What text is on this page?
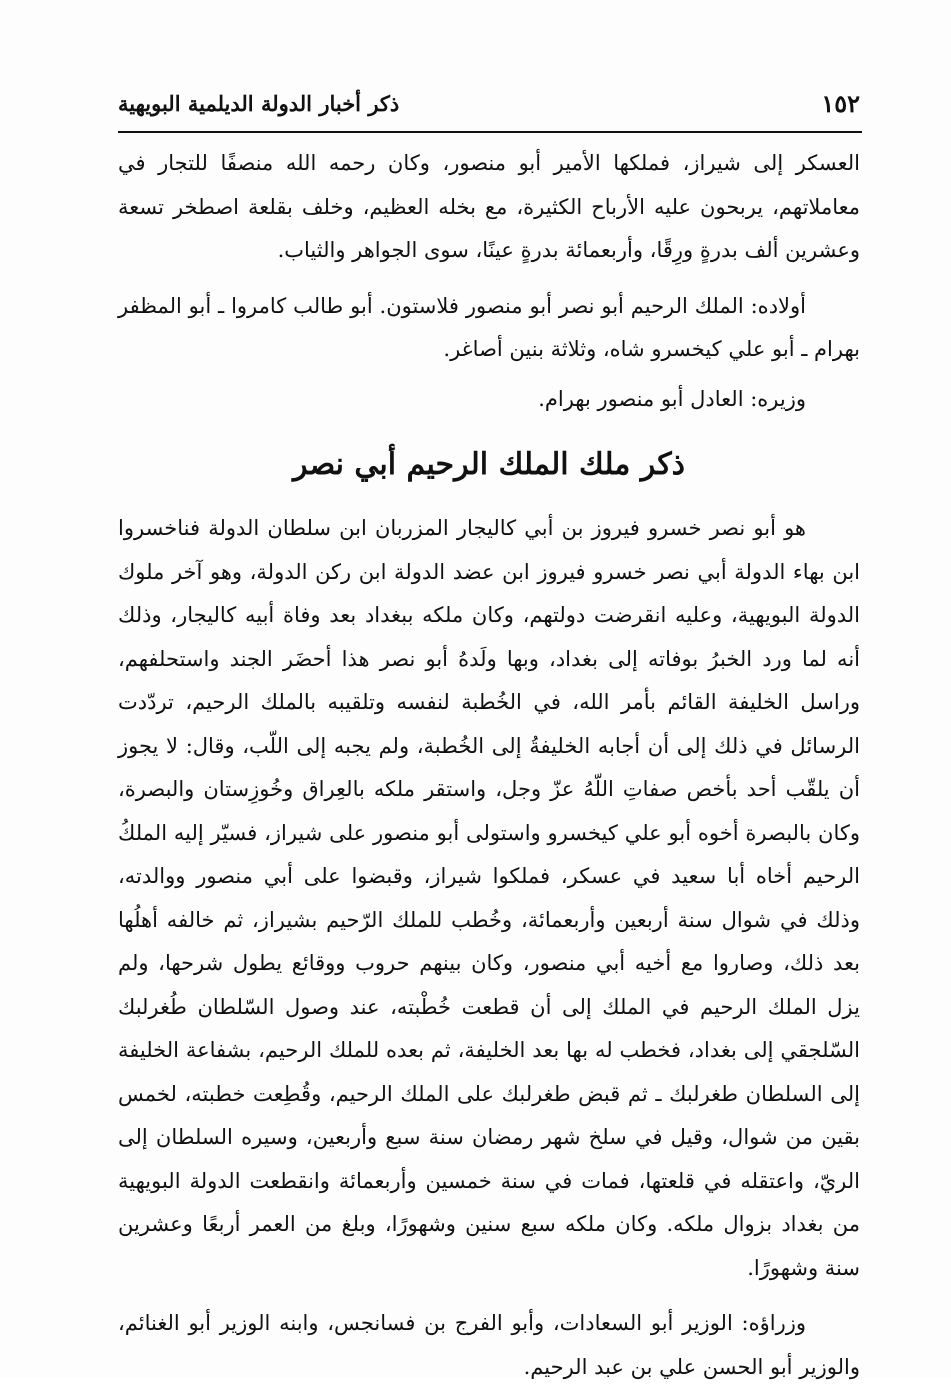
١٥٢
ذكر أخبار الدولة الديلمية البويهية

العسكر إلى شيراز، فملكها الأمير أبو منصور، وكان رحمه الله منصفًا للتجار في معاملاتهم، يربحون عليه الأرباح الكثيرة، مع بخله العظيم، وخلف بقلعة اصطخر تسعة وعشرين ألف بدرةٍ ورِقًا، وأربعمائة بدرةٍ عينًا، سوى الجواهر والثياب.

أولاده: الملك الرحيم أبو نصر أبو منصور فلاستون. أبو طالب كامروا ـ أبو المظفر بهرام ـ أبو علي كيخسرو شاه، وثلاثة بنين أصاغر.

وزيره: العادل أبو منصور بهرام.

ذكر ملك الملك الرحيم أبي نصر

هو أبو نصر خسرو فيروز بن أبي كاليجار المزربان ابن سلطان الدولة فناخسروا ابن بهاء الدولة أبي نصر خسرو فيروز ابن عضد الدولة ابن ركن الدولة، وهو آخر ملوك الدولة البويهية، وعليه انقرضت دولتهم، وكان ملكه ببغداد بعد وفاة أبيه كاليجار، وذلك أنه لما ورد الخبرُ بوفاته إلى بغداد، وبها ولَدهُ أبو نصر هذا أحضَر الجند واستحلفهم، وراسل الخليفة القائم بأمر الله، في الخُطبة لنفسه وتلقيبه بالملك الرحيم، تردّدت الرسائل في ذلك إلى أن أجابه الخليفةُ إلى الخُطبة، ولم يجبه إلى اللّب، وقال: لا يجوز أن يلقّب أحد بأخص صفاتِ اللّهُ عزّ وجل، واستقر ملكه بالعِراق وخُوزِستان والبصرة، وكان بالبصرة أخوه أبو علي كيخسرو واستولى أبو منصور على شيراز، فسيّر إليه الملكُ الرحيم أخاه أبا سعيد في عسكر، فملكوا شيراز، وقبضوا على أبي منصور ووالدته، وذلك في شوال سنة أربعين وأربعمائة، وخُطب للملك الرّحيم بشيراز، ثم خالفه أهلُها بعد ذلك، وصاروا مع أخيه أبي منصور، وكان بينهم حروب ووقائع يطول شرحها، ولم يزل الملك الرحيم في الملك إلى أن قطعت خُطْبته، عند وصول السّلطان طُغرلبك السّلجقي إلى بغداد، فخطب له بها بعد الخليفة، ثم بعده للملك الرحيم، بشفاعة الخليفة إلى السلطان طغرلبك ـ ثم قبض طغرلبك على الملك الرحيم، وقُطِعت خطبته، لخمس بقين من شوال، وقيل في سلخ شهر رمضان سنة سبع وأربعين، وسيره السلطان إلى الريّ، واعتقله في قلعتها، فمات في سنة خمسين وأربعمائة وانقطعت الدولة البويهية من بغداد بزوال ملكه. وكان ملكه سبع سنين وشهورًا، وبلغ من العمر أربعًا وعشرين سنة وشهورًا.

وزراؤه: الوزير أبو السعادات، وأبو الفرج بن فسانجس، وابنه الوزير أبو الغنائم، والوزير أبو الحسن علي بن عبد الرحيم.
